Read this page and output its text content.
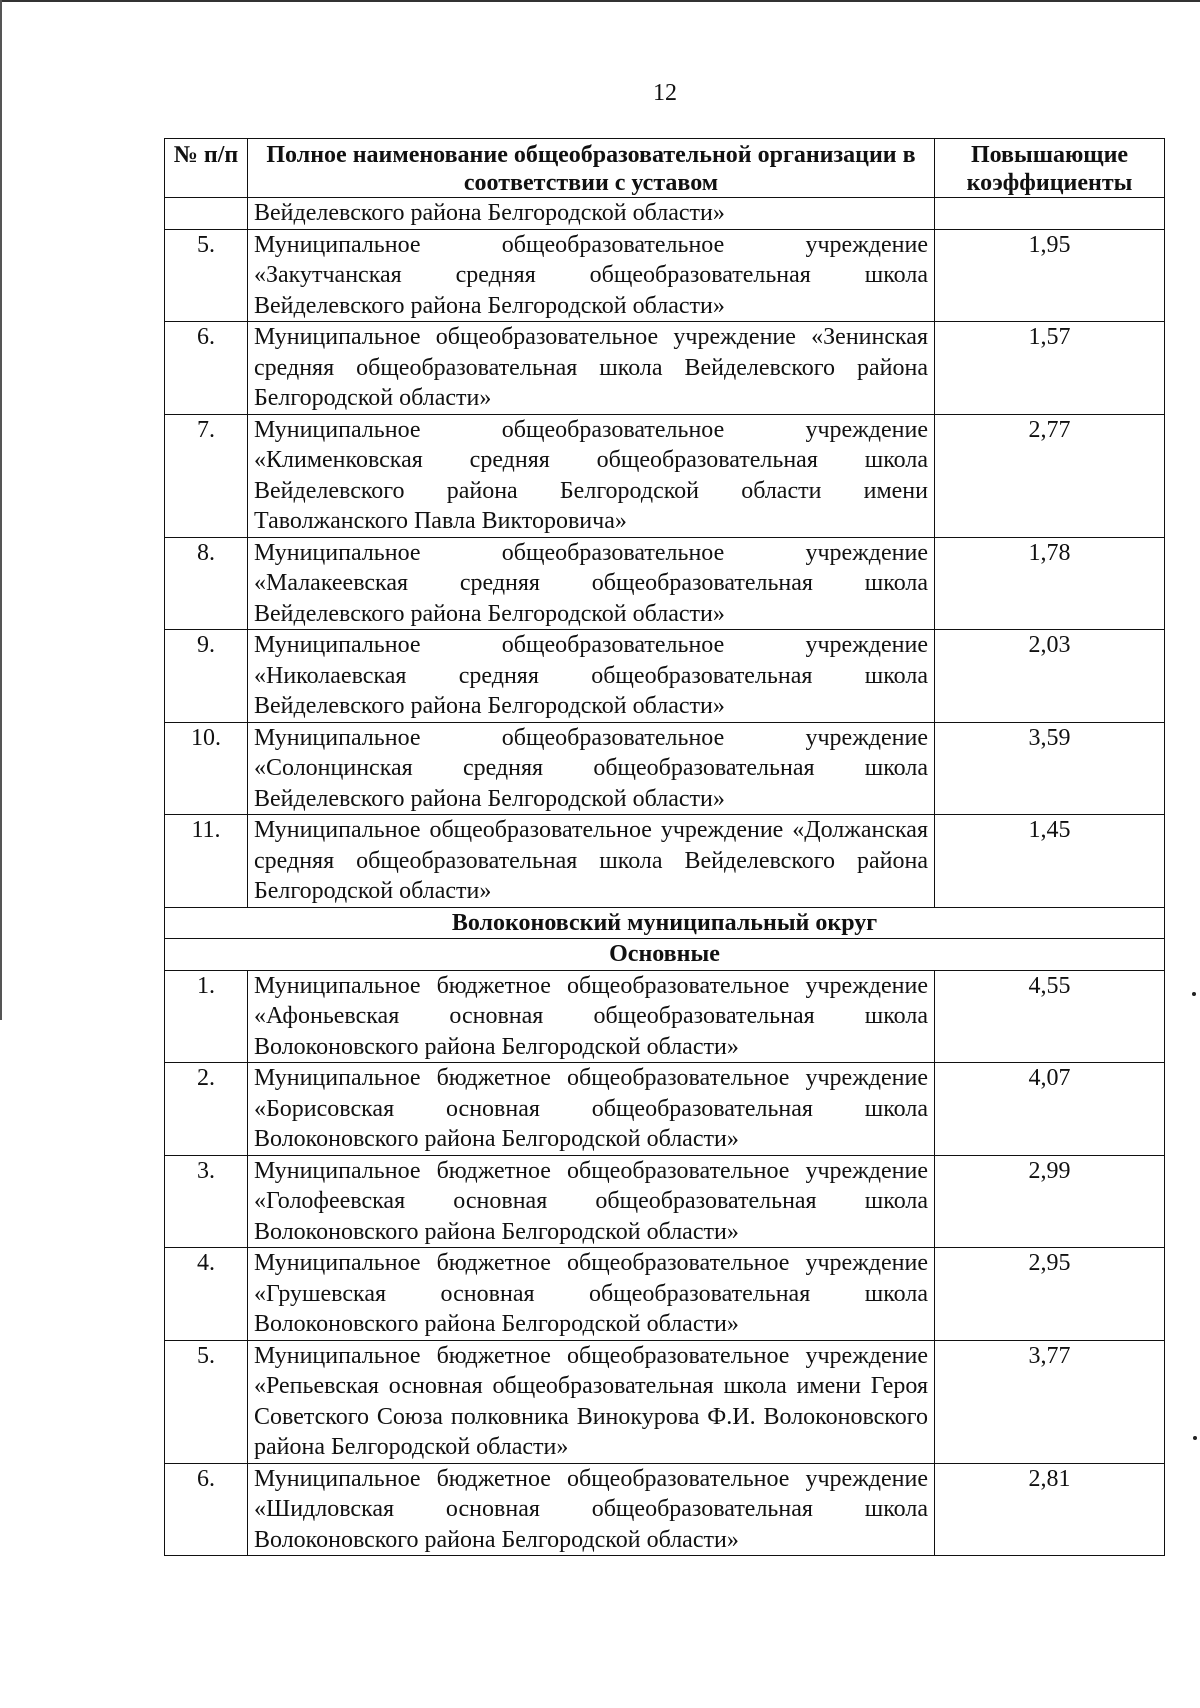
12
№ п/п	Полное наименование общеобразовательной организации в соответствии с уставом	Повышающие коэффициенты
	Вейделевского района Белгородской области»	
5.	Муниципальное общеобразовательное учреждение «Закутчанская средняя общеобразовательная школа Вейделевского района Белгородской области»	1,95
6.	Муниципальное общеобразовательное учреждение «Зенинская средняя общеобразовательная школа Вейделевского района Белгородской области»	1,57
7.	Муниципальное общеобразовательное учреждение «Клименковская средняя общеобразовательная школа Вейделевского района Белгородской области имени Таволжанского Павла Викторовича»	2,77
8.	Муниципальное общеобразовательное учреждение «Малакеевская средняя общеобразовательная школа Вейделевского района Белгородской области»	1,78
9.	Муниципальное общеобразовательное учреждение «Николаевская средняя общеобразовательная школа Вейделевского района Белгородской области»	2,03
10.	Муниципальное общеобразовательное учреждение «Солонцинская средняя общеобразовательная школа Вейделевского района Белгородской области»	3,59
11.	Муниципальное общеобразовательное учреждение «Должанская средняя общеобразовательная школа Вейделевского района Белгородской области»	1,45
Волоконовский муниципальный округ		
Основные		
1.	Муниципальное бюджетное общеобразовательное учреждение «Афоньевская основная общеобразовательная школа Волоконовского района Белгородской области»	4,55
2.	Муниципальное бюджетное общеобразовательное учреждение «Борисовская основная общеобразовательная школа Волоконовского района Белгородской области»	4,07
3.	Муниципальное бюджетное общеобразовательное учреждение «Голофеевская основная общеобразовательная школа Волоконовского района Белгородской области»	2,99
4.	Муниципальное бюджетное общеобразовательное учреждение «Грушевская основная общеобразовательная школа Волоконовского района Белгородской области»	2,95
5.	Муниципальное бюджетное общеобразовательное учреждение «Репьевская основная общеобразовательная школа имени Героя Советского Союза полковника Винокурова Ф.И. Волоконовского района Белгородской области»	3,77
6.	Муниципальное бюджетное общеобразовательное учреждение «Шидловская основная общеобразовательная школа Волоконовского района Белгородской области»	2,81
